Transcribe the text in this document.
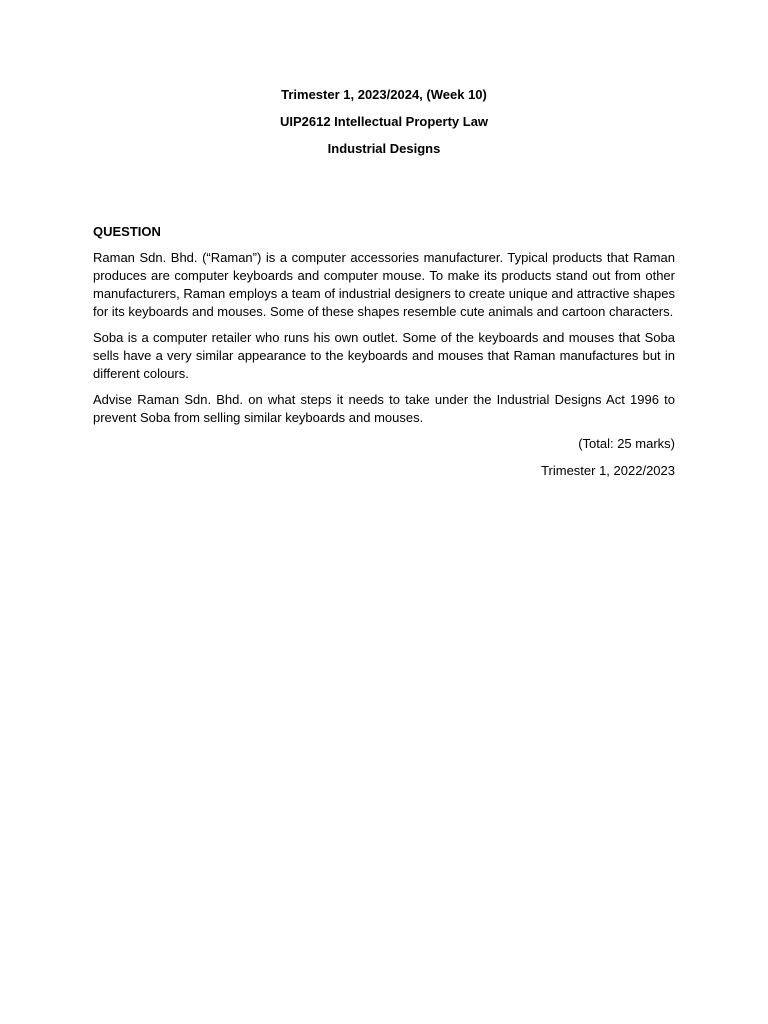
Trimester 1, 2023/2024, (Week 10)

UIP2612 Intellectual Property Law

Industrial Designs

QUESTION

Raman Sdn. Bhd. (“Raman”) is a computer accessories manufacturer. Typical products that Raman produces are computer keyboards and computer mouse. To make its products stand out from other manufacturers, Raman employs a team of industrial designers to create unique and attractive shapes for its keyboards and mouses. Some of these shapes resemble cute animals and cartoon characters.

Soba is a computer retailer who runs his own outlet. Some of the keyboards and mouses that Soba sells have a very similar appearance to the keyboards and mouses that Raman manufactures but in different colours.

Advise Raman Sdn. Bhd. on what steps it needs to take under the Industrial Designs Act 1996 to prevent Soba from selling similar keyboards and mouses.

(Total: 25 marks)

Trimester 1, 2022/2023
